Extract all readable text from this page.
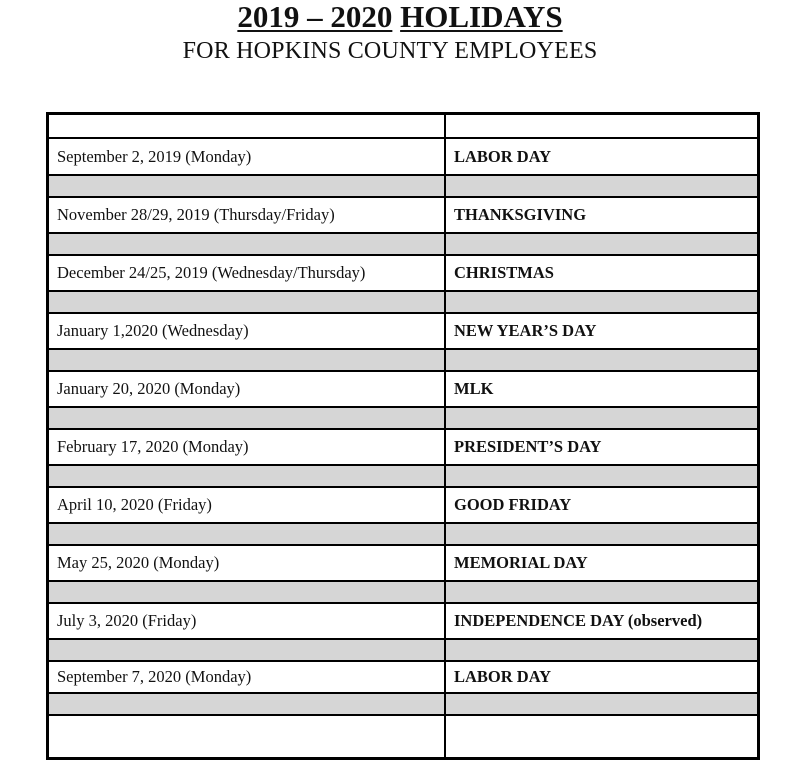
2019 – 2020 HOLIDAYS
FOR HOPKINS COUNTY EMPLOYEES
September 2, 2019 (Monday)	LABOR DAY
November 28/29, 2019 (Thursday/Friday)	THANKSGIVING
December 24/25, 2019 (Wednesday/Thursday)	CHRISTMAS
January 1,2020 (Wednesday)	NEW YEAR’S DAY
January 20, 2020 (Monday)	MLK
February 17, 2020 (Monday)	PRESIDENT’S DAY
April 10, 2020 (Friday)	GOOD FRIDAY
May 25, 2020 (Monday)	MEMORIAL DAY
July 3, 2020 (Friday)	INDEPENDENCE DAY (observed)
September 7, 2020 (Monday)	LABOR DAY
